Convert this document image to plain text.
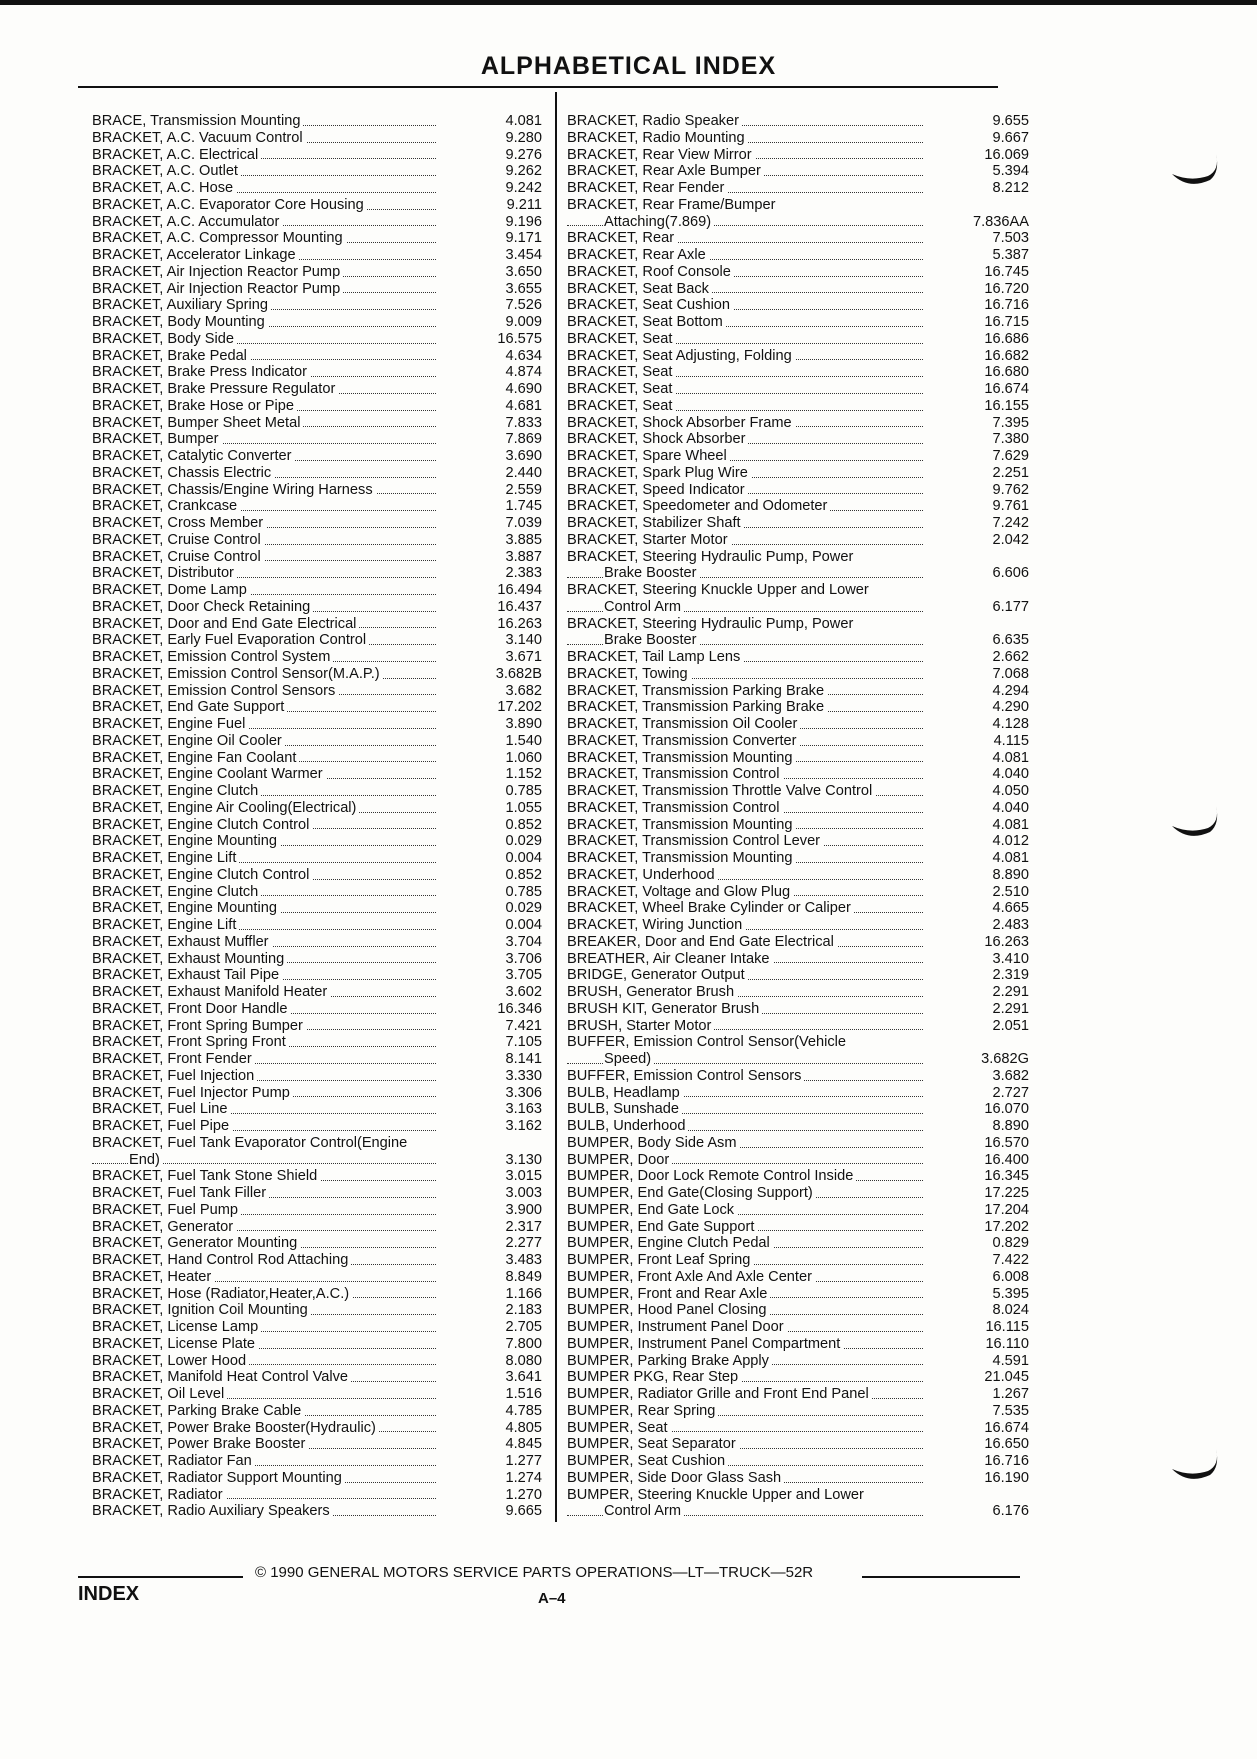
ALPHABETICAL INDEX
BRACE, Transmission Mounting	4.081
BRACKET, A.C. Vacuum Control	9.280
BRACKET, A.C. Electrical	9.276
BRACKET, A.C. Outlet	9.262
BRACKET, A.C. Hose	9.242
BRACKET, A.C. Evaporator Core Housing	9.211
BRACKET, A.C. Accumulator	9.196
BRACKET, A.C. Compressor Mounting	9.171
BRACKET, Accelerator Linkage	3.454
BRACKET, Air Injection Reactor Pump	3.650
BRACKET, Air Injection Reactor Pump	3.655
BRACKET, Auxiliary Spring	7.526
BRACKET, Body Mounting	9.009
BRACKET, Body Side	16.575
BRACKET, Brake Pedal	4.634
BRACKET, Brake Press Indicator	4.874
BRACKET, Brake Pressure Regulator	4.690
BRACKET, Brake Hose or Pipe	4.681
BRACKET, Bumper Sheet Metal	7.833
BRACKET, Bumper	7.869
BRACKET, Catalytic Converter	3.690
BRACKET, Chassis Electric	2.440
BRACKET, Chassis/Engine Wiring Harness	2.559
BRACKET, Crankcase	1.745
BRACKET, Cross Member	7.039
BRACKET, Cruise Control	3.885
BRACKET, Cruise Control	3.887
BRACKET, Distributor	2.383
BRACKET, Dome Lamp	16.494
BRACKET, Door Check Retaining	16.437
BRACKET, Door and End Gate Electrical	16.263
BRACKET, Early Fuel Evaporation Control	3.140
BRACKET, Emission Control System	3.671
BRACKET, Emission Control Sensor(M.A.P.)	3.682B
BRACKET, Emission Control Sensors	3.682
BRACKET, End Gate Support	17.202
BRACKET, Engine Fuel	3.890
BRACKET, Engine Oil Cooler	1.540
BRACKET, Engine Fan Coolant	1.060
BRACKET, Engine Coolant Warmer	1.152
BRACKET, Engine Clutch	0.785
BRACKET, Engine Air Cooling(Electrical)	1.055
BRACKET, Engine Clutch Control	0.852
BRACKET, Engine Mounting	0.029
BRACKET, Engine Lift	0.004
BRACKET, Engine Clutch Control	0.852
BRACKET, Engine Clutch	0.785
BRACKET, Engine Mounting	0.029
BRACKET, Engine Lift	0.004
BRACKET, Exhaust Muffler	3.704
BRACKET, Exhaust Mounting	3.706
BRACKET, Exhaust Tail Pipe	3.705
BRACKET, Exhaust Manifold Heater	3.602
BRACKET, Front Door Handle	16.346
BRACKET, Front Spring Bumper	7.421
BRACKET, Front Spring Front	7.105
BRACKET, Front Fender	8.141
BRACKET, Fuel Injection	3.330
BRACKET, Fuel Injector Pump	3.306
BRACKET, Fuel Line	3.163
BRACKET, Fuel Pipe	3.162
BRACKET, Fuel Tank Evaporator Control(Engine
End)	3.130
BRACKET, Fuel Tank Stone Shield	3.015
BRACKET, Fuel Tank Filler	3.003
BRACKET, Fuel Pump	3.900
BRACKET, Generator	2.317
BRACKET, Generator Mounting	2.277
BRACKET, Hand Control Rod Attaching	3.483
BRACKET, Heater	8.849
BRACKET, Hose (Radiator,Heater,A.C.)	1.166
BRACKET, Ignition Coil Mounting	2.183
BRACKET, License Lamp	2.705
BRACKET, License Plate	7.800
BRACKET, Lower Hood	8.080
BRACKET, Manifold Heat Control Valve	3.641
BRACKET, Oil Level	1.516
BRACKET, Parking Brake Cable	4.785
BRACKET, Power Brake Booster(Hydraulic)	4.805
BRACKET, Power Brake Booster	4.845
BRACKET, Radiator Fan	1.277
BRACKET, Radiator Support Mounting	1.274
BRACKET, Radiator	1.270
BRACKET, Radio Auxiliary Speakers	9.665
BRACKET, Radio Speaker	9.655
BRACKET, Radio Mounting	9.667
BRACKET, Rear View Mirror	16.069
BRACKET, Rear Axle Bumper	5.394
BRACKET, Rear Fender	8.212
BRACKET, Rear Frame/Bumper
Attaching(7.869)	7.836AA
BRACKET, Rear	7.503
BRACKET, Rear Axle	5.387
BRACKET, Roof Console	16.745
BRACKET, Seat Back	16.720
BRACKET, Seat Cushion	16.716
BRACKET, Seat Bottom	16.715
BRACKET, Seat	16.686
BRACKET, Seat Adjusting, Folding	16.682
BRACKET, Seat	16.680
BRACKET, Seat	16.674
BRACKET, Seat	16.155
BRACKET, Shock Absorber Frame	7.395
BRACKET, Shock Absorber	7.380
BRACKET, Spare Wheel	7.629
BRACKET, Spark Plug Wire	2.251
BRACKET, Speed Indicator	9.762
BRACKET, Speedometer and Odometer	9.761
BRACKET, Stabilizer Shaft	7.242
BRACKET, Starter Motor	2.042
BRACKET, Steering Hydraulic Pump, Power
Brake Booster	6.606
BRACKET, Steering Knuckle Upper and Lower
Control Arm	6.177
BRACKET, Steering Hydraulic Pump, Power
Brake Booster	6.635
BRACKET, Tail Lamp Lens	2.662
BRACKET, Towing	7.068
BRACKET, Transmission Parking Brake	4.294
BRACKET, Transmission Parking Brake	4.290
BRACKET, Transmission Oil Cooler	4.128
BRACKET, Transmission Converter	4.115
BRACKET, Transmission Mounting	4.081
BRACKET, Transmission Control	4.040
BRACKET, Transmission Throttle Valve Control	4.050
BRACKET, Transmission Control	4.040
BRACKET, Transmission Mounting	4.081
BRACKET, Transmission Control Lever	4.012
BRACKET, Transmission Mounting	4.081
BRACKET, Underhood	8.890
BRACKET, Voltage and Glow Plug	2.510
BRACKET, Wheel Brake Cylinder or Caliper	4.665
BRACKET, Wiring Junction	2.483
BREAKER, Door and End Gate Electrical	16.263
BREATHER, Air Cleaner Intake	3.410
BRIDGE, Generator Output	2.319
BRUSH, Generator Brush	2.291
BRUSH KIT, Generator Brush	2.291
BRUSH, Starter Motor	2.051
BUFFER, Emission Control Sensor(Vehicle
Speed)	3.682G
BUFFER, Emission Control Sensors	3.682
BULB, Headlamp	2.727
BULB, Sunshade	16.070
BULB, Underhood	8.890
BUMPER, Body Side Asm	16.570
BUMPER, Door	16.400
BUMPER, Door Lock Remote Control Inside	16.345
BUMPER, End Gate(Closing Support)	17.225
BUMPER, End Gate Lock	17.204
BUMPER, End Gate Support	17.202
BUMPER, Engine Clutch Pedal	0.829
BUMPER, Front Leaf Spring	7.422
BUMPER, Front Axle And Axle Center	6.008
BUMPER, Front and Rear Axle	5.395
BUMPER, Hood Panel Closing	8.024
BUMPER, Instrument Panel Door	16.115
BUMPER, Instrument Panel Compartment	16.110
BUMPER, Parking Brake Apply	4.591
BUMPER PKG, Rear Step	21.045
BUMPER, Radiator Grille and Front End Panel	1.267
BUMPER, Rear Spring	7.535
BUMPER, Seat	16.674
BUMPER, Seat Separator	16.650
BUMPER, Seat Cushion	16.716
BUMPER, Side Door Glass Sash	16.190
BUMPER, Steering Knuckle Upper and Lower
Control Arm	6.176
© 1990 GENERAL MOTORS SERVICE PARTS OPERATIONS—LT—TRUCK—52R
INDEX	A–4
